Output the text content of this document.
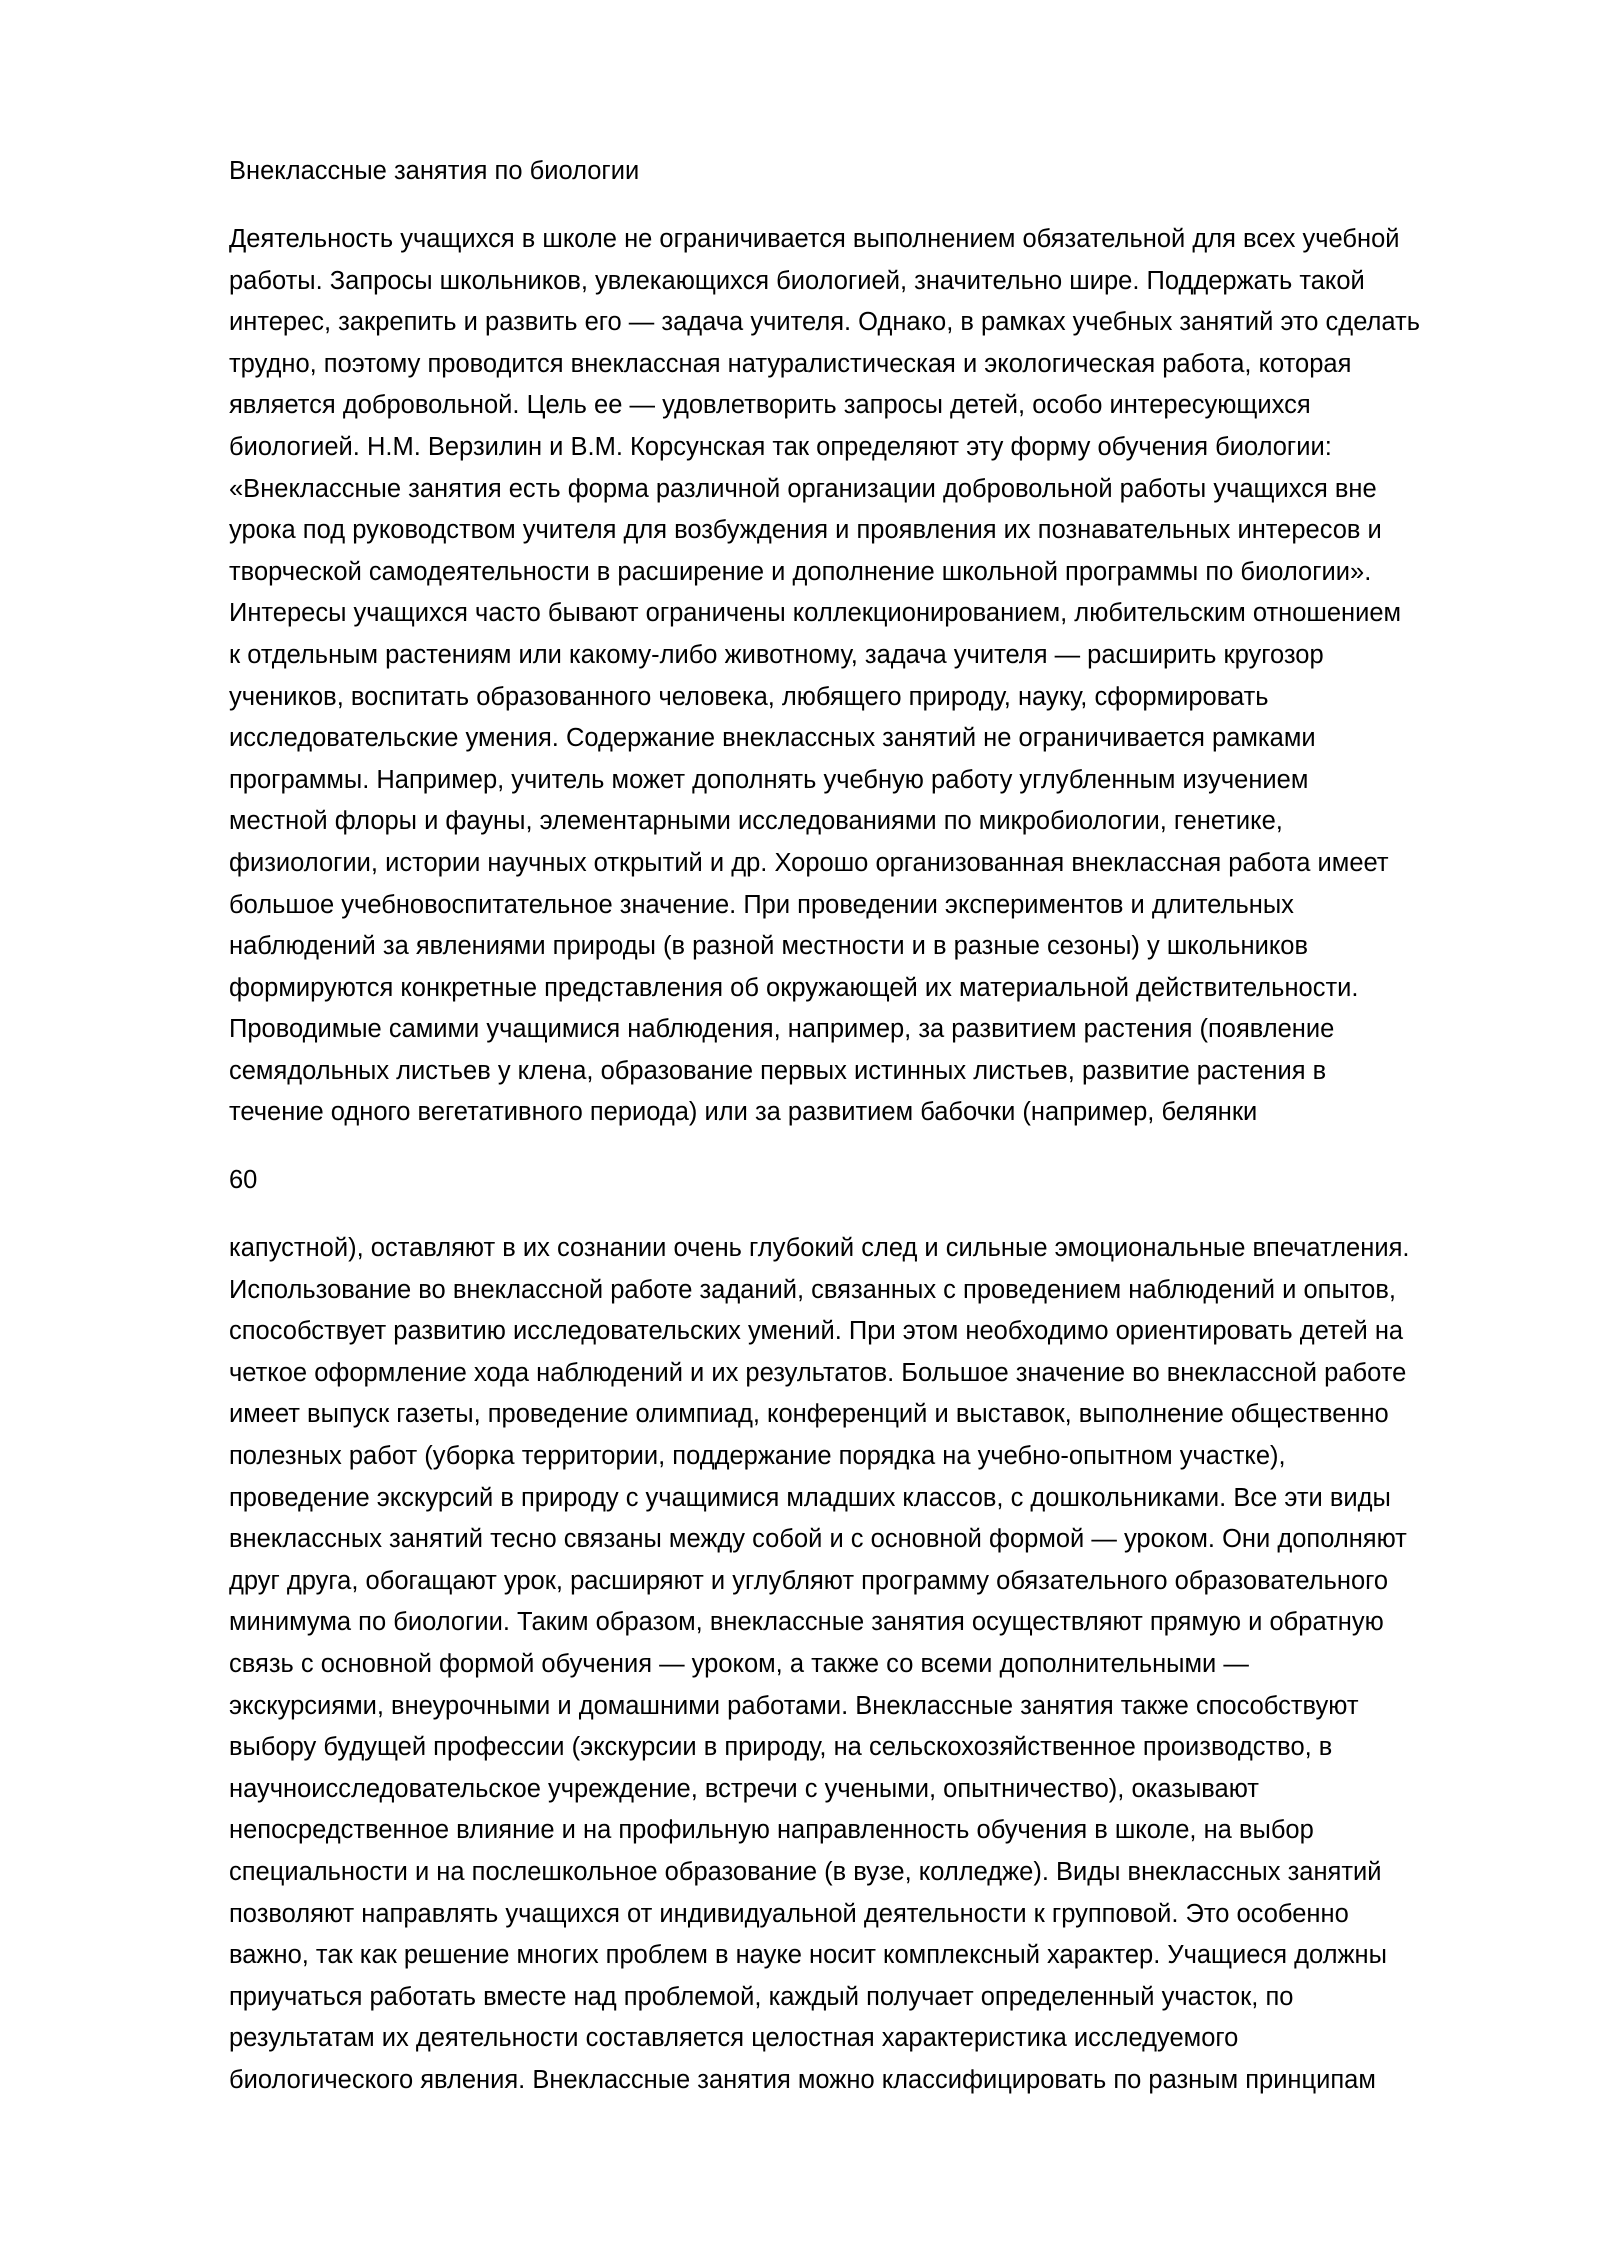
Внеклассные занятия по биологии
Деятельность учащихся в школе не ограничивается выполнением обязательной для всех учебной
работы. Запросы школьников, увлекающихся биологией, значительно шире. Поддержать такой
интерес, закрепить и развить его — задача учителя. Однако, в рамках учебных занятий это сделать
трудно, поэтому проводится внеклассная натуралистическая и экологическая работа, которая
является добровольной. Цель ее — удовлетворить запросы детей, особо интересующихся
биологией. Н.М. Верзилин и В.М. Корсунская так определяют эту форму обучения биологии:
«Внеклассные занятия есть форма различной организации добровольной работы учащихся вне
урока под руководством учителя для возбуждения и проявления их познавательных интересов и
творческой самодеятельности в расширение и дополнение школьной программы по биологии».
Интересы учащихся часто бывают ограничены коллекционированием, любительским отношением
к отдельным растениям или какому-либо животному, задача учителя — расширить кругозор
учеников, воспитать образованного человека, любящего природу, науку, сформировать
исследовательские умения. Содержание внеклассных занятий не ограничивается рамками
программы. Например, учитель может дополнять учебную работу углубленным изучением
местной флоры и фауны, элементарными исследованиями по микробиологии, генетике,
физиологии, истории научных открытий и др. Хорошо организованная внеклассная работа имеет
большое учебновоспитательное значение. При проведении экспериментов и длительных
наблюдений за явлениями природы (в разной местности и в разные сезоны) у школьников
формируются конкретные представления об окружающей их материальной действительности.
Проводимые самими учащимися наблюдения, например, за развитием растения (появление
семядольных листьев у клена, образование первых истинных листьев, развитие растения в
течение одного вегетативного периода) или за развитием бабочки (например, белянки
60
капустной), оставляют в их сознании очень глубокий след и сильные эмоциональные впечатления.
Использование во внеклассной работе заданий, связанных с проведением наблюдений и опытов,
способствует развитию исследовательских умений. При этом необходимо ориентировать детей на
четкое оформление хода наблюдений и их результатов. Большое значение во внеклассной работе
имеет выпуск газеты, проведение олимпиад, конференций и выставок, выполнение общественно
полезных работ (уборка территории, поддержание порядка на учебно-опытном участке),
проведение экскурсий в природу с учащимися младших классов, с дошкольниками. Все эти виды
внеклассных занятий тесно связаны между собой и с основной формой — уроком. Они дополняют
друг друга, обогащают урок, расширяют и углубляют программу обязательного образовательного
минимума по биологии. Таким образом, внеклассные занятия осуществляют прямую и обратную
связь с основной формой обучения — уроком, а также со всеми дополнительными —
экскурсиями, внеурочными и домашними работами. Внеклассные занятия также способствуют
выбору будущей профессии (экскурсии в природу, на сельскохозяйственное производство, в
научноисследовательское учреждение, встречи с учеными, опытничество), оказывают
непосредственное влияние и на профильную направленность обучения в школе, на выбор
специальности и на послешкольное образование (в вузе, колледже). Виды внеклассных занятий
позволяют направлять учащихся от индивидуальной деятельности к групповой. Это особенно
важно, так как решение многих проблем в науке носит комплексный характер. Учащиеся должны
приучаться работать вместе над проблемой, каждый получает определенный участок, по
результатам их деятельности составляется целостная характеристика исследуемого
биологического явления. Внеклассные занятия можно классифицировать по разным принципам
